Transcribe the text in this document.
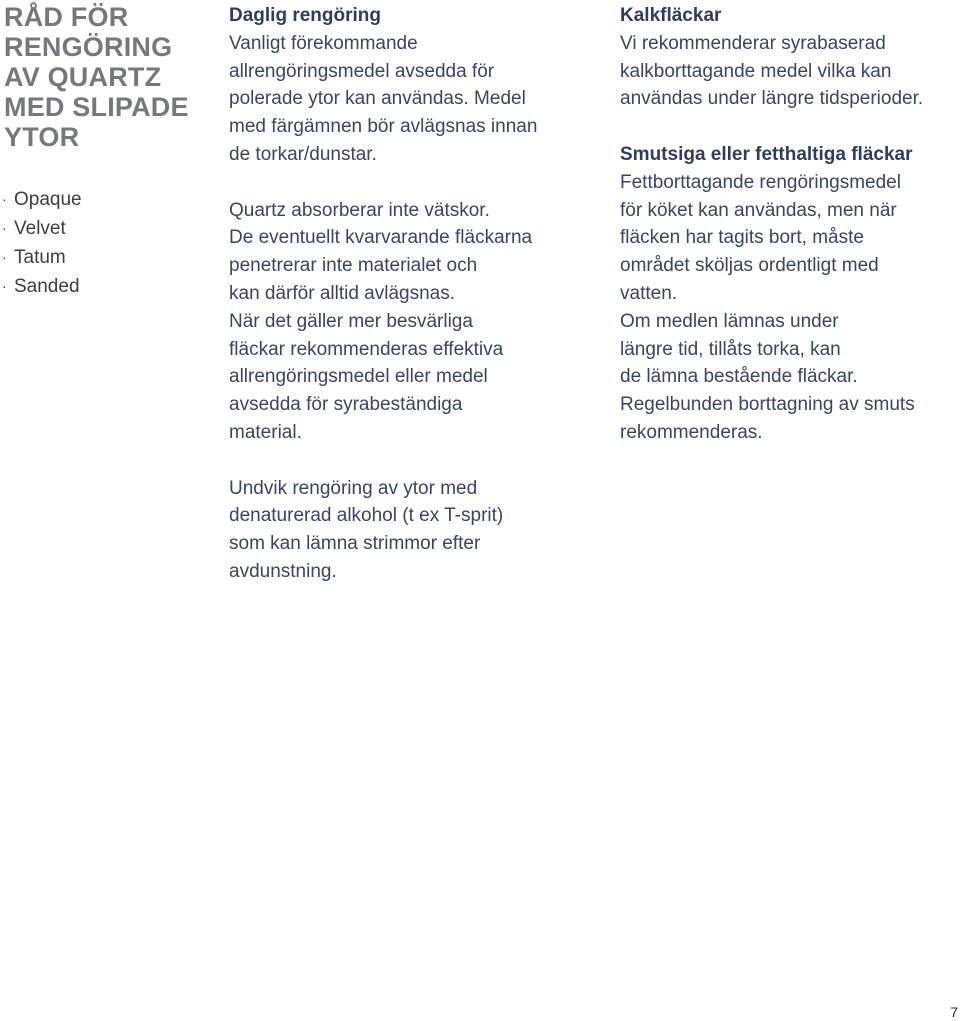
RÅD FÖR
RENGÖRING
AV QUARTZ
MED SLIPADE
YTOR
· Opaque
· Velvet
· Tatum
· Sanded
Daglig rengöring
Vanligt förekommande
allrengöringsmedel avsedda för
polerade ytor kan användas. Medel
med färgämnen bör avlägsnas innan
de torkar/dunstar.
Quartz absorberar inte vätskor.
De eventuellt kvarvarande fläckarna
penetrerar inte materialet och
kan därför alltid avlägsnas.
När det gäller mer besvärliga
fläckar rekommenderas effektiva
allrengöringsmedel eller medel
avsedda för syrabeständiga
material.
Undvik rengöring av ytor med
denaturerad alkohol (t ex T-sprit)
som kan lämna strimmor efter
avdunstning.
Kalkfläckar
Vi rekommenderar syrabaserad
kalkborttagande medel vilka kan
användas under längre tidsperioder.
Smutsiga eller fetthaltiga fläckar
Fettborttagande rengöringsmedel
för köket kan användas, men när
fläcken har tagits bort, måste
området sköljas ordentligt med
vatten.
Om medlen lämnas under
längre tid, tillåts torka, kan
de lämna bestående fläckar.
Regelbunden borttagning av smuts
rekommenderas.
7
